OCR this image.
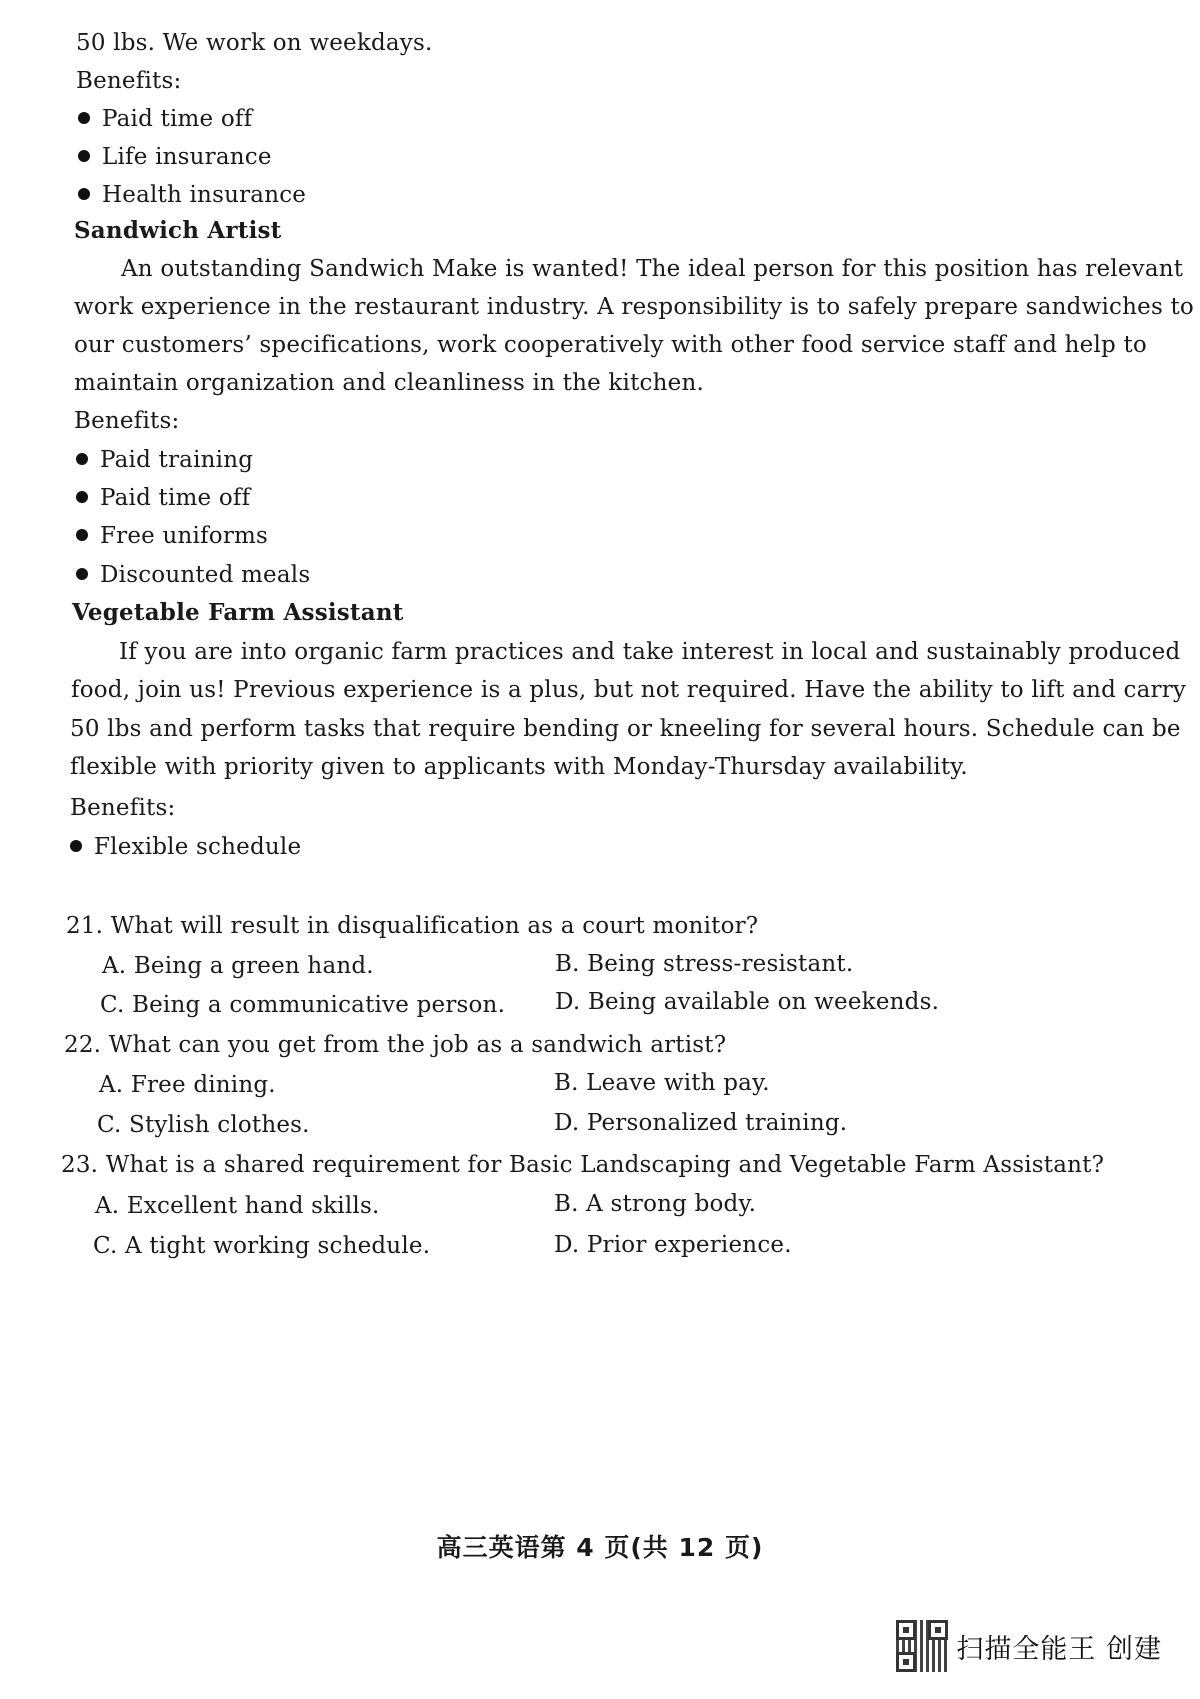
50 lbs. We work on weekdays.
Benefits:
Paid time off
Life insurance
Health insurance
Sandwich Artist
An outstanding Sandwich Make is wanted! The ideal person for this position has relevant
work experience in the restaurant industry. A responsibility is to safely prepare sandwiches to
our customers’ specifications, work cooperatively with other food service staff and help to
maintain organization and cleanliness in the kitchen.
Benefits:
Paid training
Paid time off
Free uniforms
Discounted meals
Vegetable Farm Assistant
If you are into organic farm practices and take interest in local and sustainably produced
food, join us! Previous experience is a plus, but not required. Have the ability to lift and carry
50 lbs and perform tasks that require bending or kneeling for several hours. Schedule can be
flexible with priority given to applicants with Monday-Thursday availability.
Benefits:
Flexible schedule
21. What will result in disqualification as a court monitor?
A. Being a green hand.	B. Being stress-resistant.
C. Being a communicative person. D. Being available on weekends.
22. What can you get from the job as a sandwich artist?
A. Free dining.	B. Leave with pay.
C. Stylish clothes.	D. Personalized training.
23. What is a shared requirement for Basic Landscaping and Vegetable Farm Assistant?
A. Excellent hand skills.	B. A strong body.
C. A tight working schedule.	D. Prior experience.
高三英语第 4 页(共 12 页)
扫描全能王 创建
